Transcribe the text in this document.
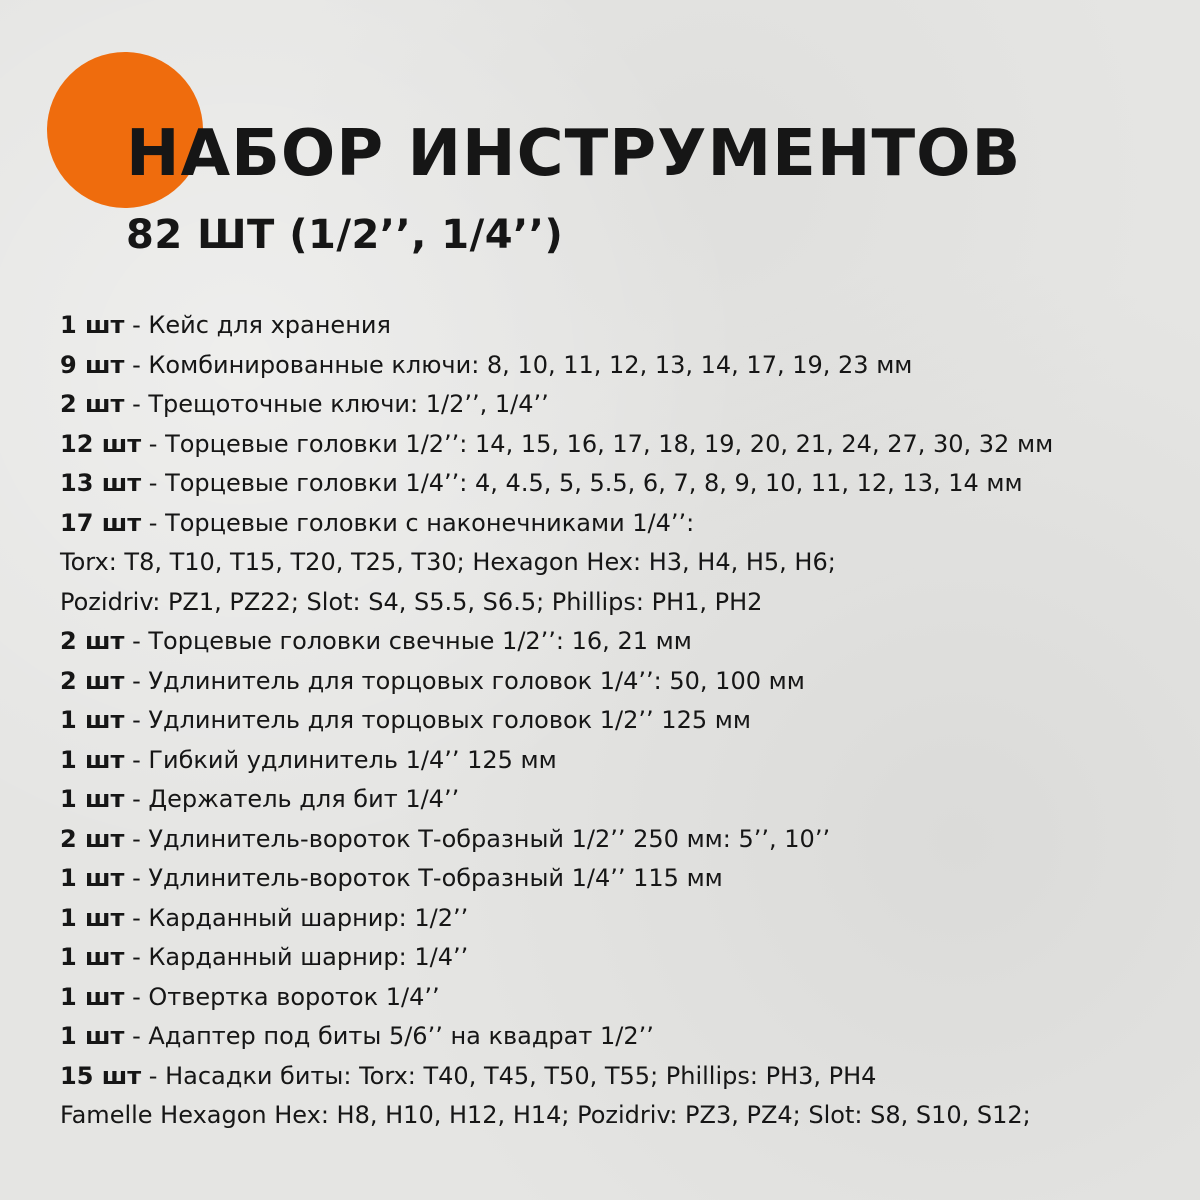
НАБОР ИНСТРУМЕНТОВ
82 ШТ (1/2’’, 1/4’’)
1 шт - Кейс для хранения
9 шт - Комбинированные ключи: 8, 10, 11, 12, 13, 14, 17, 19, 23 мм
2 шт - Трещоточные ключи: 1/2’’, 1/4’’
12 шт - Торцевые головки 1/2’’: 14, 15, 16, 17, 18, 19, 20, 21, 24, 27, 30, 32 мм
13 шт - Торцевые головки 1/4’’: 4, 4.5, 5, 5.5, 6, 7, 8, 9, 10, 11, 12, 13, 14 мм
17 шт - Торцевые головки с наконечниками 1/4’’:
Torx: T8, T10, T15, T20, T25, T30; Hexagon Hex: H3, H4, H5, H6;
Pozidriv: PZ1, PZ22; Slot: S4, S5.5, S6.5; Phillips: PH1, PH2
2 шт - Торцевые головки свечные 1/2’’: 16, 21 мм
2 шт - Удлинитель для торцовых головок 1/4’’: 50, 100 мм
1 шт - Удлинитель для торцовых головок 1/2’’ 125 мм
1 шт - Гибкий удлинитель 1/4’’ 125 мм
1 шт - Держатель для бит 1/4’’
2 шт - Удлинитель-вороток Т-образный 1/2’’ 250 мм: 5’’, 10’’
1 шт - Удлинитель-вороток Т-образный 1/4’’ 115 мм
1 шт - Карданный шарнир: 1/2’’
1 шт - Карданный шарнир: 1/4’’
1 шт - Отвертка вороток 1/4’’
1 шт - Адаптер под биты 5/6’’ на квадрат 1/2’’
15 шт - Насадки биты: Torx: T40, T45, T50, T55; Phillips: PH3, PH4
Famelle Hexagon Hex: H8, H10, H12, H14; Pozidriv: PZ3, PZ4; Slot: S8, S10, S12;
